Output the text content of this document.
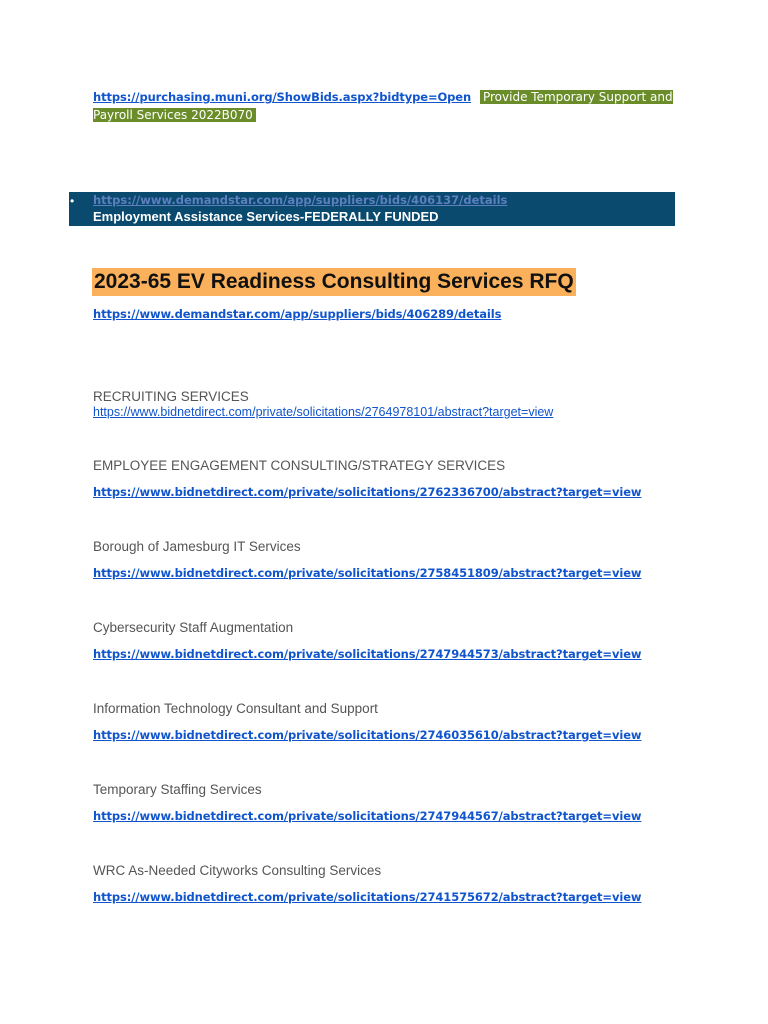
https://purchasing.muni.org/ShowBids.aspx?bidtype=Open  Provide Temporary Support and Payroll Services 2022B070
• https://www.demandstar.com/app/suppliers/bids/406137/details
Employment Assistance Services-FEDERALLY FUNDED
2023-65 EV Readiness Consulting Services RFQ
https://www.demandstar.com/app/suppliers/bids/406289/details
RECRUITING SERVICES
https://www.bidnetdirect.com/private/solicitations/2764978101/abstract?target=view
EMPLOYEE ENGAGEMENT CONSULTING/STRATEGY SERVICES
https://www.bidnetdirect.com/private/solicitations/2762336700/abstract?target=view
Borough of Jamesburg IT Services
https://www.bidnetdirect.com/private/solicitations/2758451809/abstract?target=view
Cybersecurity Staff Augmentation
https://www.bidnetdirect.com/private/solicitations/2747944573/abstract?target=view
Information Technology Consultant and Support
https://www.bidnetdirect.com/private/solicitations/2746035610/abstract?target=view
Temporary Staffing Services
https://www.bidnetdirect.com/private/solicitations/2747944567/abstract?target=view
WRC As-Needed Cityworks Consulting Services
https://www.bidnetdirect.com/private/solicitations/2741575672/abstract?target=view
